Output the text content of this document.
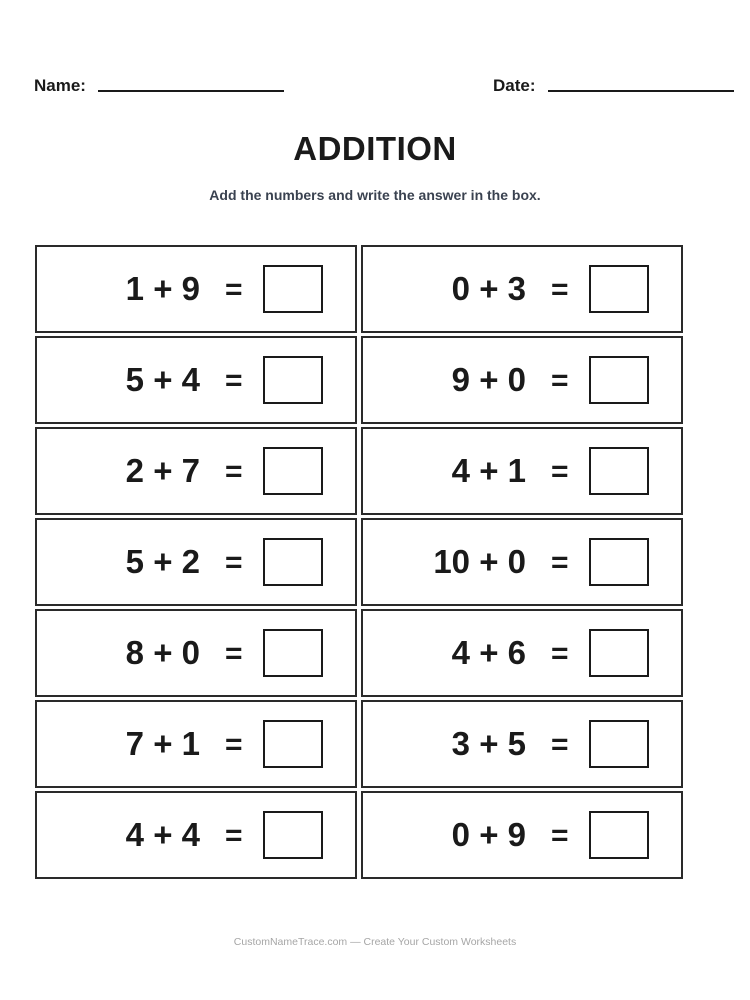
Name:	Date:
ADDITION
Add the numbers and write the answer in the box.
1 + 9 =	0 + 3 =
5 + 4 =	9 + 0 =
2 + 7 =	4 + 1 =
5 + 2 =	10 + 0 =
8 + 0 =	4 + 6 =
7 + 1 =	3 + 5 =
4 + 4 =	0 + 9 =
CustomNameTrace.com — Create Your Custom Worksheets
